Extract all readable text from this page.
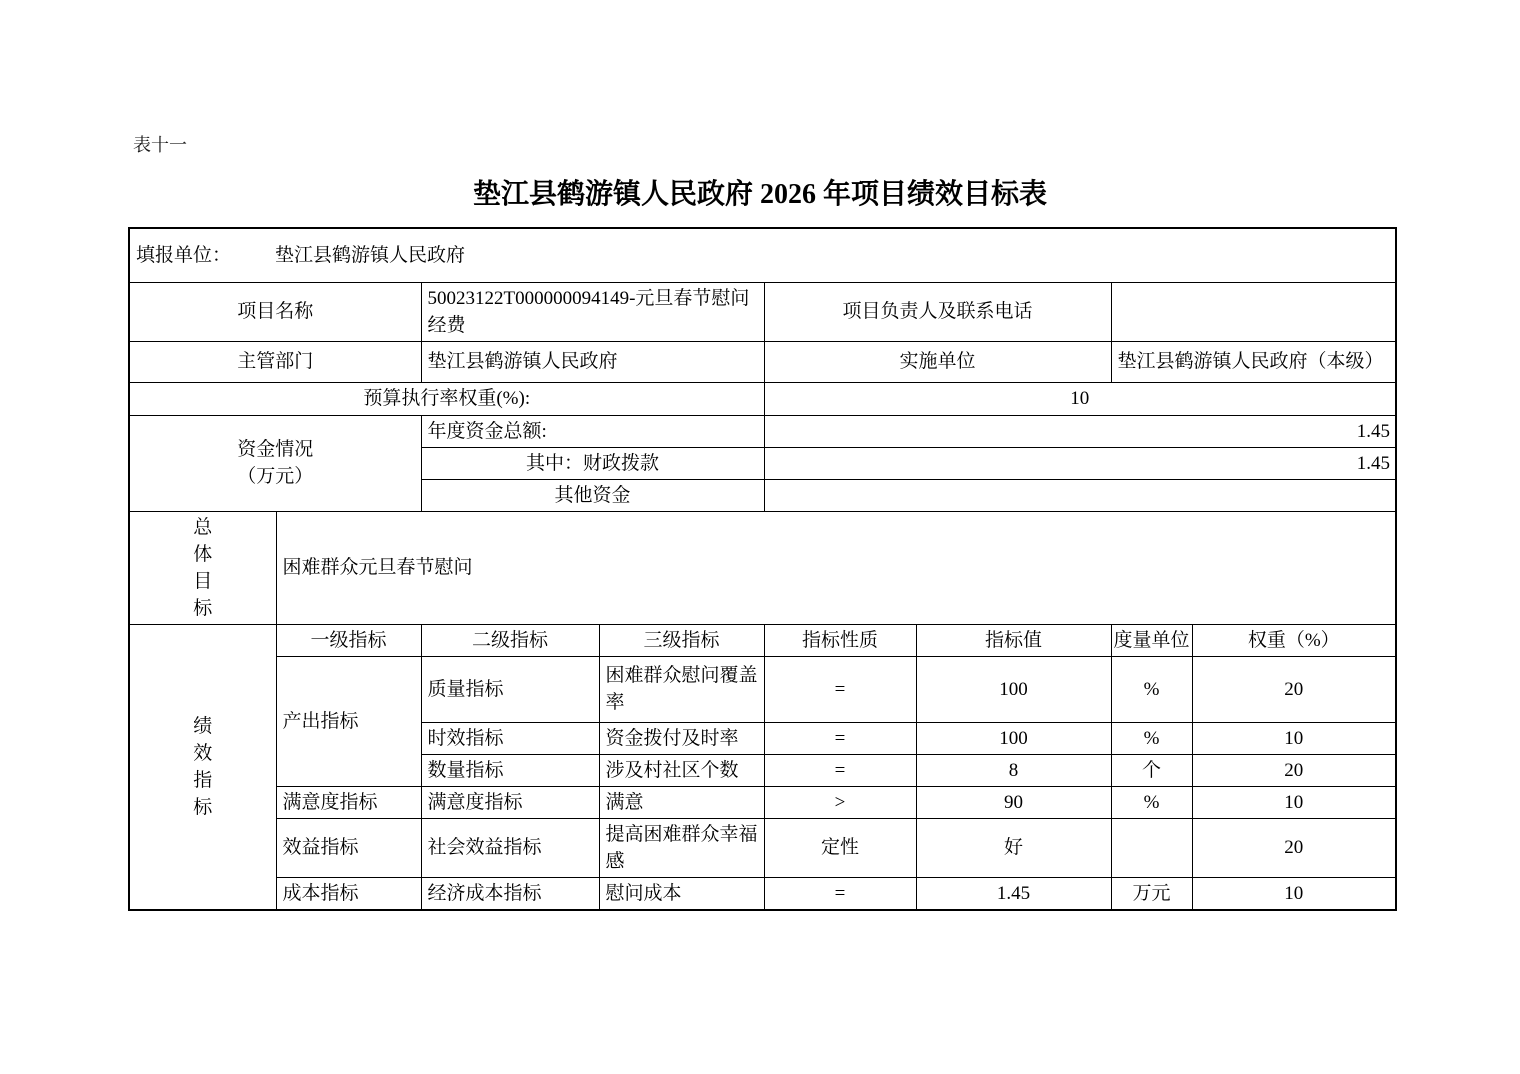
表十一
垫江县鹤游镇人民政府 2026 年项目绩效目标表
填报单位： 垫江县鹤游镇人民政府							
项目名称		50023122T000000094149-元旦春节慰问经费		项目负责人及联系电话			
主管部门		垫江县鹤游镇人民政府		实施单位		垫江县鹤游镇人民政府（本级）	
预算执行率权重(%):				10			

资金情况
（万元）		年度资金总额:		1.45			
		其中：财政拨款		1.45			
		其他资金					

总体目标	困难群众元旦春节慰问						

绩效指标	一级指标	二级指标	三级指标	指标性质	指标值	度量单位	权重（%）
	产出指标	质量指标	困难群众慰问覆盖率	=	100	%	20
		时效指标	资金拨付及时率	=	100	%	10
		数量指标	涉及村社区个数	=	8	个	20
	满意度指标	满意度指标	满意	>	90	%	10
	效益指标	社会效益指标	提高困难群众幸福感	定性	好		20
	成本指标	经济成本指标	慰问成本	=	1.45	万元	10
